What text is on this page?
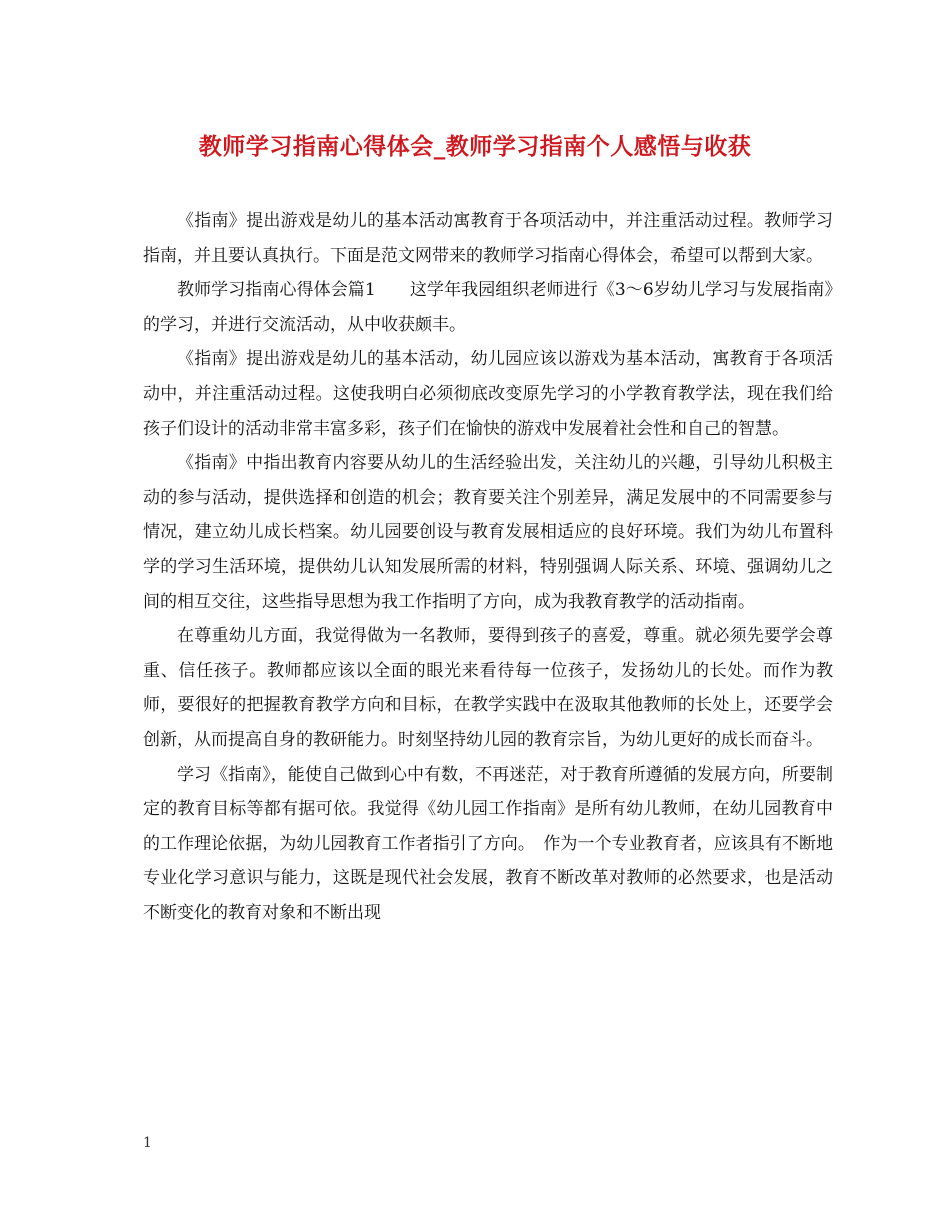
教师学习指南心得体会_教师学习指南个人感悟与收获

《指南》提出游戏是幼儿的基本活动寓教育于各项活动中，并注重活动过程。教师学习指南，并且要认真执行。下面是范文网带来的教师学习指南心得体会，希望可以帮到大家。

教师学习指南心得体会篇1　　这学年我园组织老师进行《3～6岁幼儿学习与发展指南》的学习，并进行交流活动，从中收获颇丰。

《指南》提出游戏是幼儿的基本活动，幼儿园应该以游戏为基本活动，寓教育于各项活动中，并注重活动过程。这使我明白必须彻底改变原先学习的小学教育教学法，现在我们给孩子们设计的活动非常丰富多彩，孩子们在愉快的游戏中发展着社会性和自己的智慧。

《指南》中指出教育内容要从幼儿的生活经验出发，关注幼儿的兴趣，引导幼儿积极主动的参与活动，提供选择和创造的机会；教育要关注个别差异，满足发展中的不同需要参与情况，建立幼儿成长档案。幼儿园要创设与教育发展相适应的良好环境。我们为幼儿布置科学的学习生活环境，提供幼儿认知发展所需的材料，特别强调人际关系、环境、强调幼儿之间的相互交往，这些指导思想为我工作指明了方向，成为我教育教学的活动指南。

在尊重幼儿方面，我觉得做为一名教师，要得到孩子的喜爱，尊重。就必须先要学会尊重、信任孩子。教师都应该以全面的眼光来看待每一位孩子，发扬幼儿的长处。而作为教师，要很好的把握教育教学方向和目标，在教学实践中在汲取其他教师的长处上，还要学会创新，从而提高自身的教研能力。时刻坚持幼儿园的教育宗旨，为幼儿更好的成长而奋斗。

学习《指南》，能使自己做到心中有数，不再迷茫，对于教育所遵循的发展方向，所要制定的教育目标等都有据可依。我觉得《幼儿园工作指南》是所有幼儿教师，在幼儿园教育中的工作理论依据，为幼儿园教育工作者指引了方向。　作为一个专业教育者，应该具有不断地专业化学习意识与能力，这既是现代社会发展，教育不断改革对教师的必然要求，也是活动不断变化的教育对象和不断出现

1
